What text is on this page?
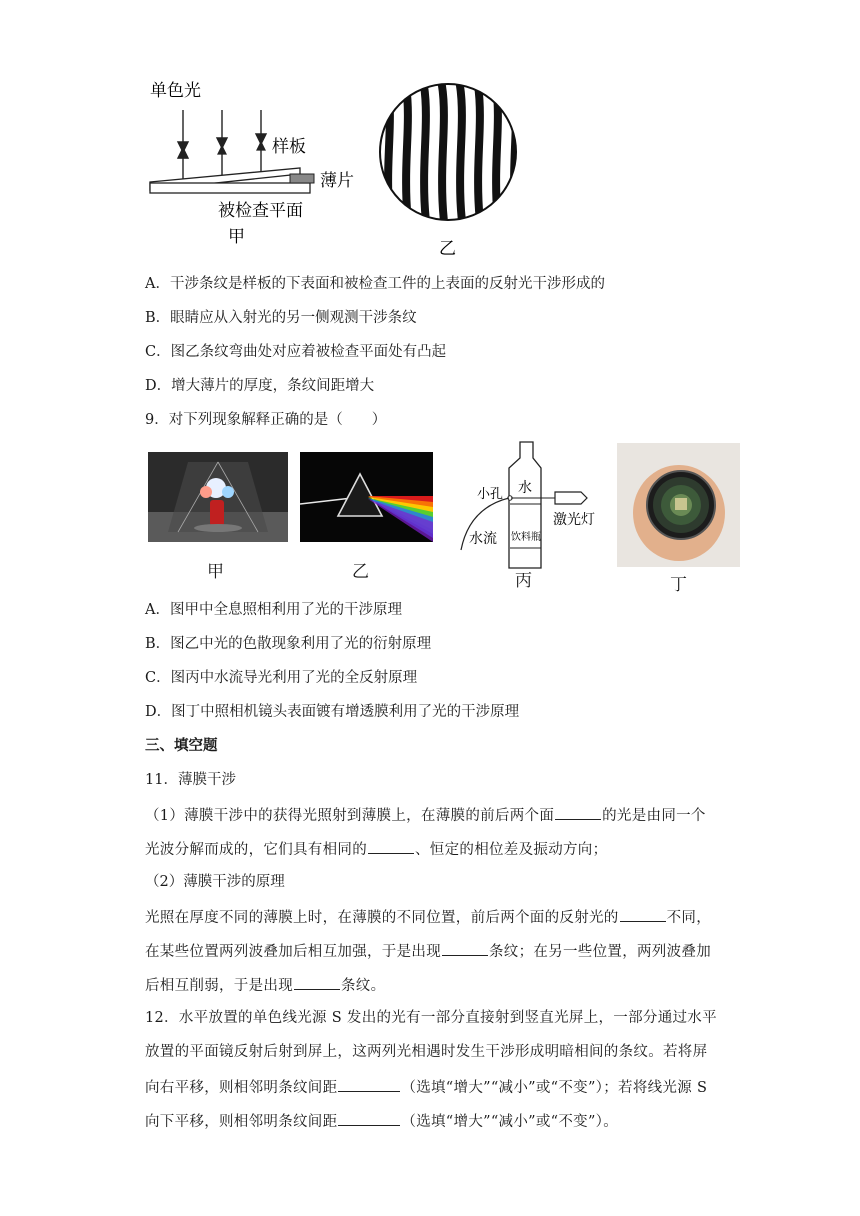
单色光
样板
薄片
被检查平面
甲
乙
A．干涉条纹是样板的下表面和被检查工件的上表面的反射光干涉形成的
B．眼睛应从入射光的另一侧观测干涉条纹
C．图乙条纹弯曲处对应着被检查平面处有凸起
D．增大薄片的厚度，条纹间距增大
9．对下列现象解释正确的是（　　）
甲	乙
水
饮料瓶
小孔
水流
激光灯
丙	丁
A．图甲中全息照相利用了光的干涉原理
B．图乙中光的色散现象利用了光的衍射原理
C．图丙中水流导光利用了光的全反射原理
D．图丁中照相机镜头表面镀有增透膜利用了光的干涉原理
三、填空题
11．薄膜干涉
（1）薄膜干涉中的获得光照射到薄膜上，在薄膜的前后两个面	的光是由同一个
光波分解而成的，它们具有相同的	、恒定的相位差及振动方向；
（2）薄膜干涉的原理
光照在厚度不同的薄膜上时，在薄膜的不同位置，前后两个面的反射光的	不同，
在某些位置两列波叠加后相互加强，于是出现	条纹；在另一些位置，两列波叠加
后相互削弱，于是出现	条纹。
12．水平放置的单色线光源 S 发出的光有一部分直接射到竖直光屏上，一部分通过水平
放置的平面镜反射后射到屏上，这两列光相遇时发生干涉形成明暗相间的条纹。若将屏
向右平移，则相邻明条纹间距	（选填“增大”“减小”或“不变”）；若将线光源 S
向下平移，则相邻明条纹间距	（选填“增大”“减小”或“不变”）。
